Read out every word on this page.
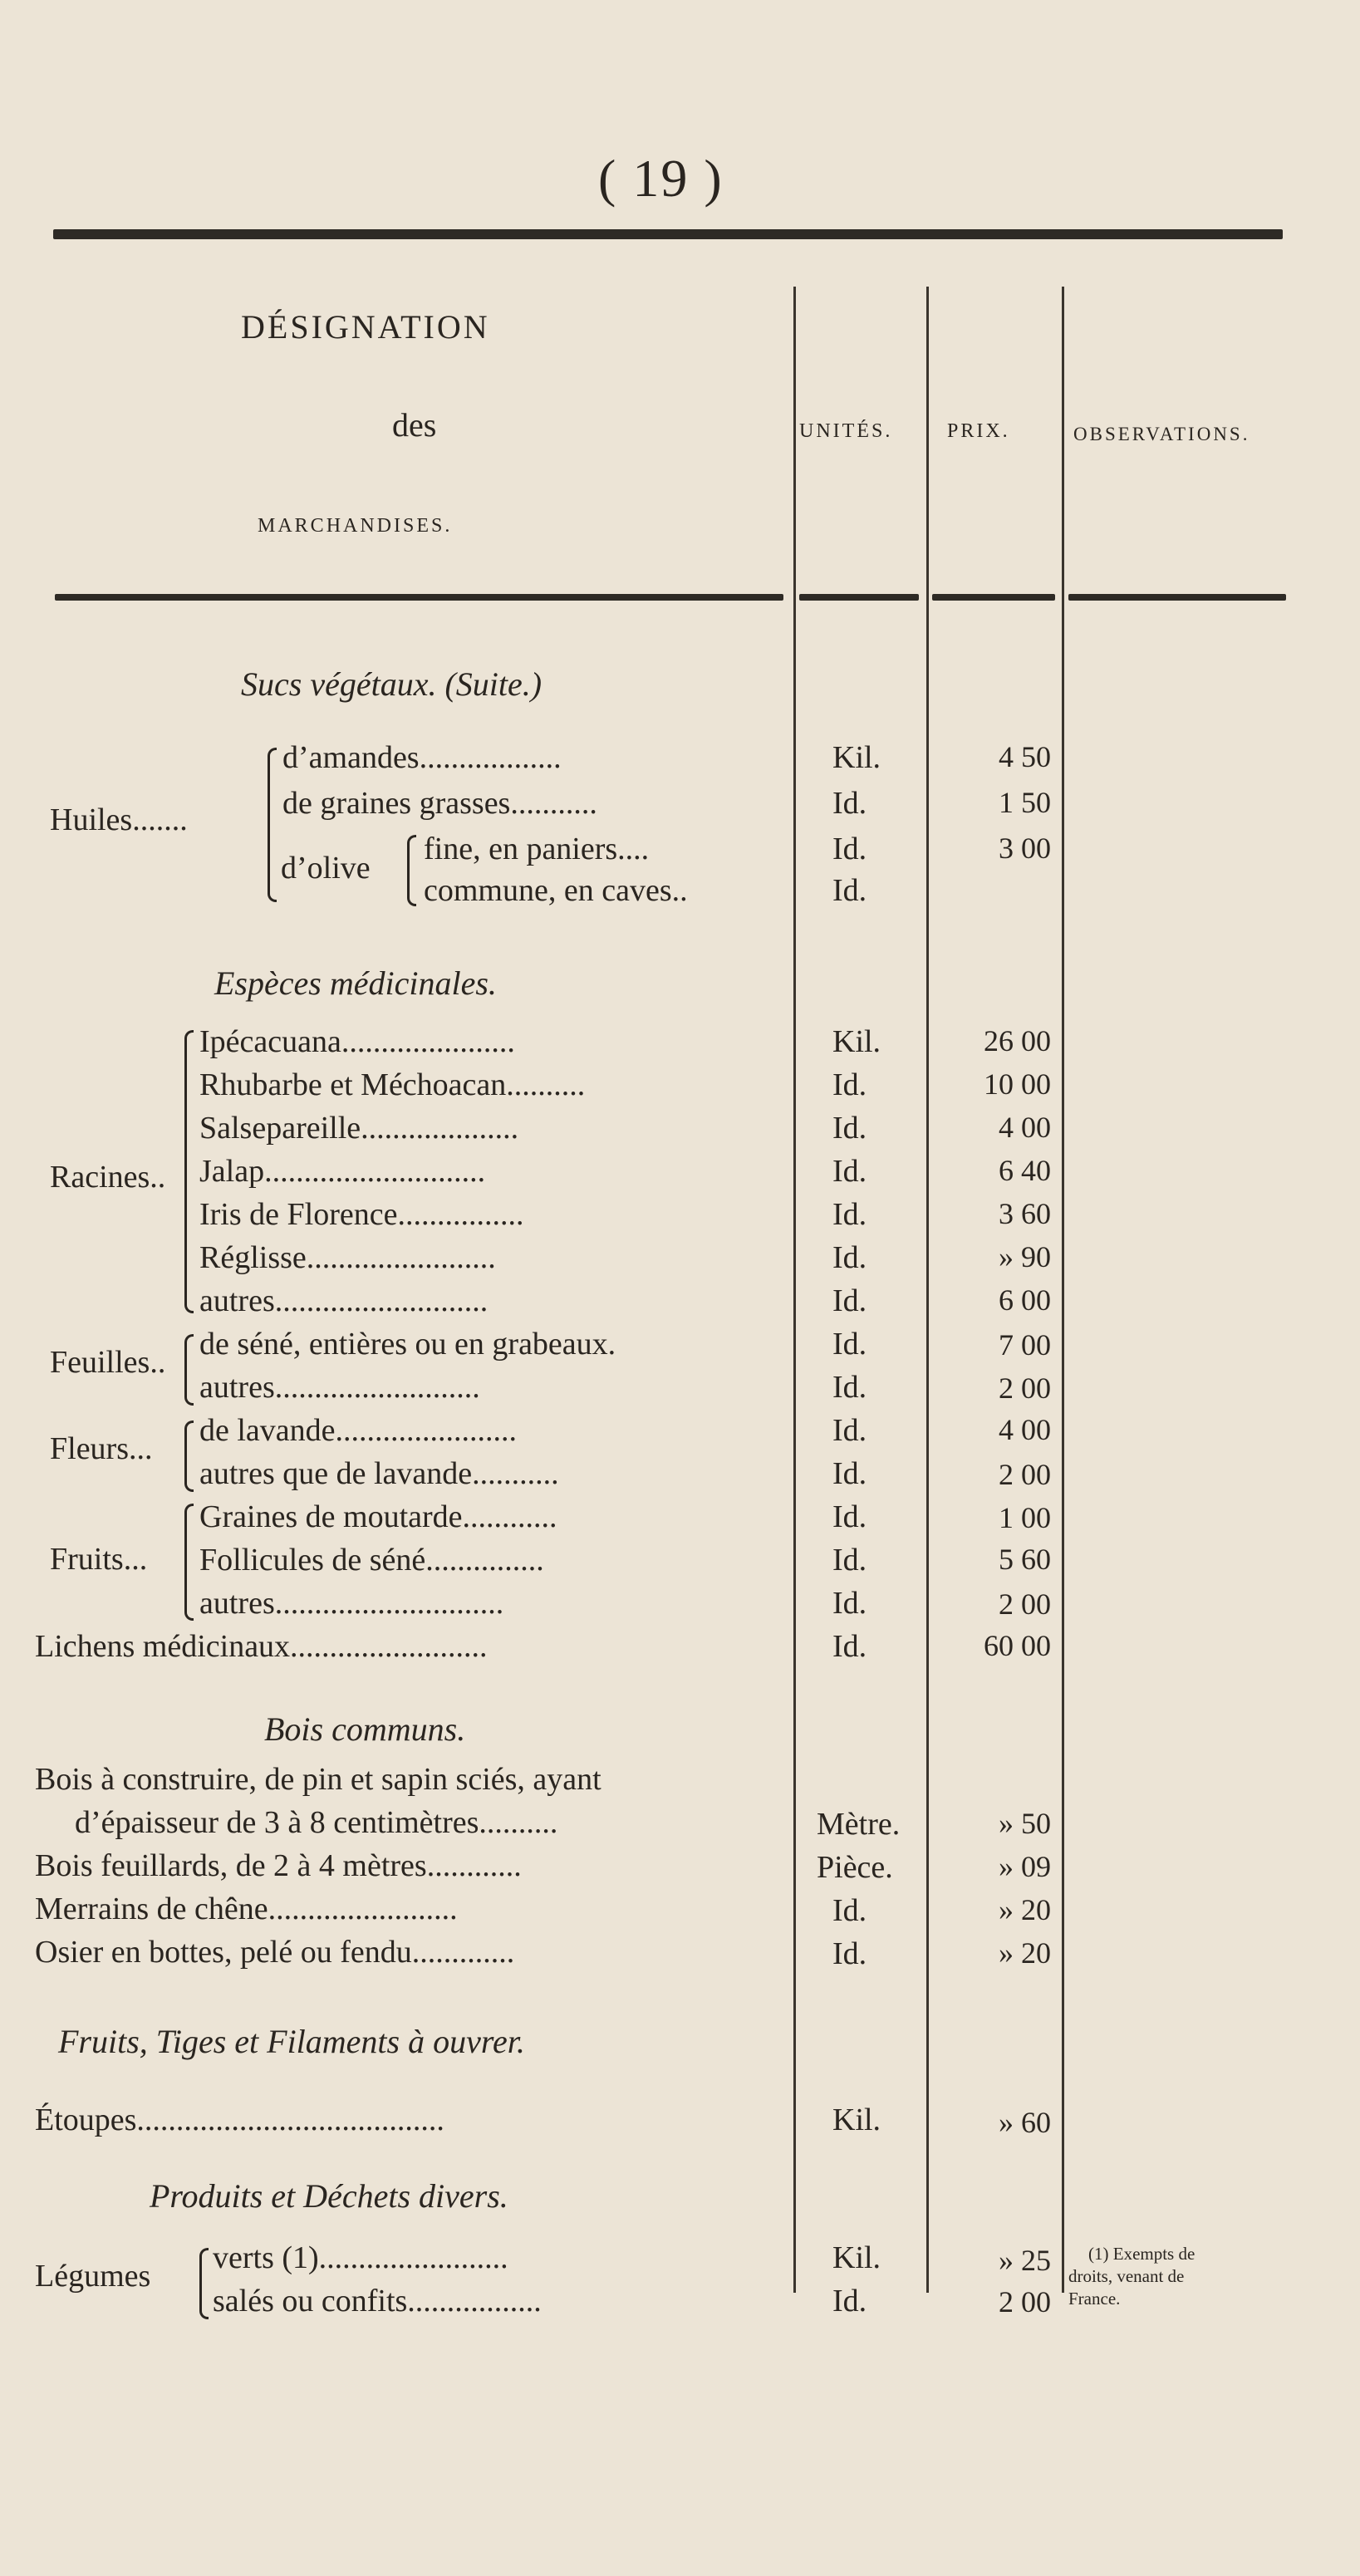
( 19 )
DÉSIGNATION
des
MARCHANDISES.
UNITÉS.	PRIX.	OBSERVATIONS.
Sucs végétaux. (Suite.)
Huiles.......
d’olive
d’amandes..................	Kil.	4 50
de graines grasses...........	Id.	1 50
fine, en paniers....	Id.	3 00
commune, en caves..	Id.
Espèces médicinales.
Racines..
Ipécacuana......................	Kil.	26 00
Rhubarbe et Méchoacan..........	Id.	10 00
Salsepareille....................	Id.	4 00
Jalap............................	Id.	6 40
Iris de Florence................	Id.	3 60
Réglisse........................	Id.	» 90
autres...........................	Id.	6 00
Feuilles..
de séné, entières ou en grabeaux.	Id.	7 00
autres..........................	Id.	2 00
Fleurs...
de lavande.......................	Id.	4 00
autres que de lavande...........	Id.	2 00
Fruits...
Graines de moutarde............	Id.	1 00
Follicules de séné...............	Id.	5 60
autres.............................	Id.	2 00
Lichens médicinaux.........................	Id.	60 00
Bois communs.
Bois à construire, de pin et sapin sciés, ayant
d’épaisseur de 3 à 8 centimètres..........	Mètre.	» 50
Bois feuillards, de 2 à 4 mètres............	Pièce.	» 09
Merrains de chêne........................	Id.	» 20
Osier en bottes, pelé ou fendu.............	Id.	» 20
Fruits, Tiges et Filaments à ouvrer.
Étoupes.......................................	Kil.	» 60
Produits et Déchets divers.
Légumes
verts (1)........................	Kil.	» 25
salés ou confits.................	Id.	2 00
(1) Exempts de
droits, venant de
France.
